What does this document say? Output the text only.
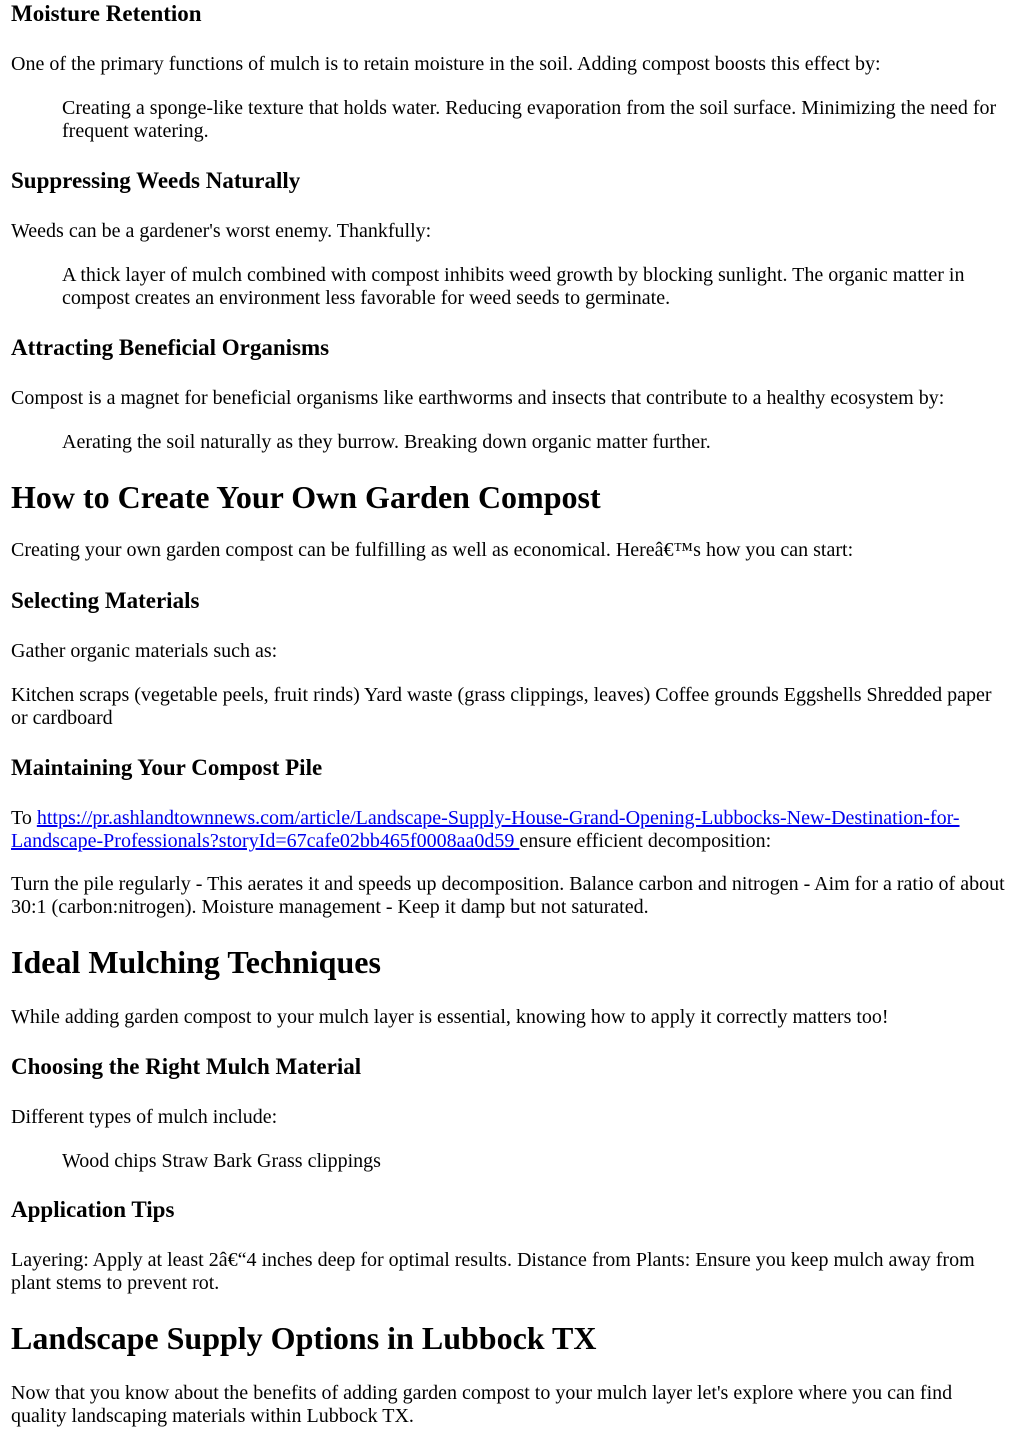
Moisture Retention

One of the primary functions of mulch is to retain moisture in the soil. Adding compost boosts this effect by:

Creating a sponge-like texture that holds water. Reducing evaporation from the soil surface. Minimizing the need for frequent watering.

Suppressing Weeds Naturally

Weeds can be a gardener's worst enemy. Thankfully:

A thick layer of mulch combined with compost inhibits weed growth by blocking sunlight. The organic matter in compost creates an environment less favorable for weed seeds to germinate.

Attracting Beneficial Organisms

Compost is a magnet for beneficial organisms like earthworms and insects that contribute to a healthy ecosystem by:

Aerating the soil naturally as they burrow. Breaking down organic matter further.

How to Create Your Own Garden Compost

Creating your own garden compost can be fulfilling as well as economical. Hereâ€™s how you can start:

Selecting Materials

Gather organic materials such as:

Kitchen scraps (vegetable peels, fruit rinds) Yard waste (grass clippings, leaves) Coffee grounds Eggshells Shredded paper or cardboard

Maintaining Your Compost Pile

To https://pr.ashlandtownnews.com/article/Landscape-Supply-House-Grand-Opening-Lubbocks-New-Destination-for-Landscape-Professionals?storyId=67cafe02bb465f0008aa0d59 ensure efficient decomposition:

Turn the pile regularly - This aerates it and speeds up decomposition. Balance carbon and nitrogen - Aim for a ratio of about 30:1 (carbon:nitrogen). Moisture management - Keep it damp but not saturated.

Ideal Mulching Techniques

While adding garden compost to your mulch layer is essential, knowing how to apply it correctly matters too!

Choosing the Right Mulch Material

Different types of mulch include:

Wood chips Straw Bark Grass clippings

Application Tips

Layering: Apply at least 2â€“4 inches deep for optimal results. Distance from Plants: Ensure you keep mulch away from plant stems to prevent rot.

Landscape Supply Options in Lubbock TX

Now that you know about the benefits of adding garden compost to your mulch layer let's explore where you can find quality landscaping materials within Lubbock TX.
